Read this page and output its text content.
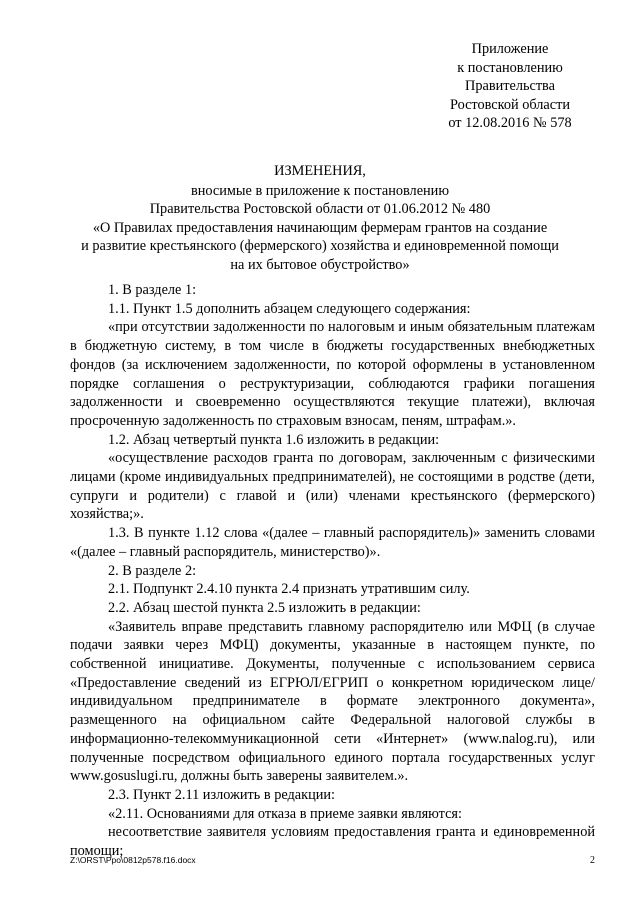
Приложение
к постановлению
Правительства
Ростовской области
от 12.08.2016 № 578
ИЗМЕНЕНИЯ,
вносимые в приложение к постановлению
Правительства Ростовской области от 01.06.2012 № 480
«О Правилах предоставления начинающим фермерам грантов на создание
и развитие крестьянского (фермерского) хозяйства и единовременной помощи
на их бытовое обустройство»

1. В разделе 1:

1.1. Пункт 1.5 дополнить абзацем следующего содержания:

«при отсутствии задолженности по налоговым и иным обязательным платежам в бюджетную систему, в том числе в бюджеты государственных внебюджетных фондов (за исключением задолженности, по которой оформлены в установленном порядке соглашения о реструктуризации, соблюдаются графики погашения задолженности и своевременно осуществляются текущие платежи), включая просроченную задолженность по страховым взносам, пеням, штрафам.».

1.2. Абзац четвертый пункта 1.6 изложить в редакции:

«осуществление расходов гранта по договорам, заключенным с физическими лицами (кроме индивидуальных предпринимателей), не состоящими в родстве (дети, супруги и родители) с главой и (или) членами крестьянского (фермерского) хозяйства;».

1.3. В пункте 1.12 слова «(далее – главный распорядитель)» заменить словами «(далее – главный распорядитель, министерство)».

2. В разделе 2:

2.1. Подпункт 2.4.10 пункта 2.4 признать утратившим силу.

2.2. Абзац шестой пункта 2.5 изложить в редакции:

«Заявитель вправе представить главному распорядителю или МФЦ (в случае подачи заявки через МФЦ) документы, указанные в настоящем пункте, по собственной инициативе. Документы, полученные с использованием сервиса «Предоставление сведений из ЕГРЮЛ/ЕГРИП о конкретном юридическом лице/индивидуальном предпринимателе в формате электронного документа», размещенного на официальном сайте Федеральной налоговой службы в информационно-телекоммуникационной сети «Интернет» (www.nalog.ru), или полученные посредством официального единого портала государственных услуг www.gosuslugi.ru, должны быть заверены заявителем.».

2.3. Пункт 2.11 изложить в редакции:

«2.11. Основаниями для отказа в приеме заявки являются:

несоответствие заявителя условиям предоставления гранта и единовременной помощи;

Z:\ORST\Ppo\0812p578.f16.docx	2
